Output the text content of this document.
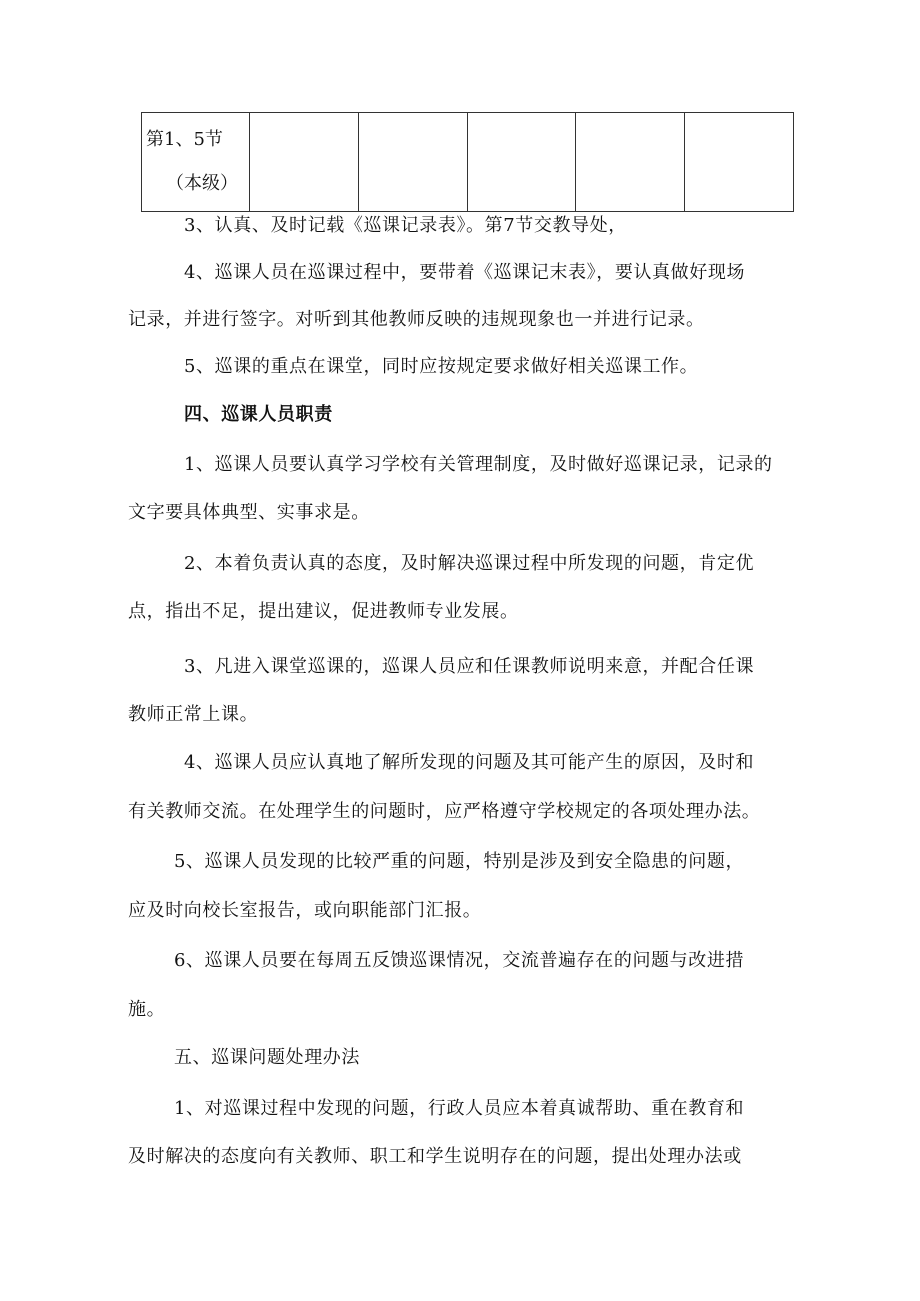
第1、5节
（本级）

3、认真、及时记载《巡课记录表》。第7节交教导处，
4、巡课人员在巡课过程中，要带着《巡课记末表》，要认真做好现场
记录，并进行签字。对听到其他教师反映的违规现象也一并进行记录。
5、巡课的重点在课堂，同时应按规定要求做好相关巡课工作。
四、巡课人员职责
1、巡课人员要认真学习学校有关管理制度，及时做好巡课记录，记录的
文字要具体典型、实事求是。
2、本着负责认真的态度，及时解决巡课过程中所发现的问题，肯定优
点，指出不足，提出建议，促进教师专业发展。
3、凡进入课堂巡课的，巡课人员应和任课教师说明来意，并配合任课
教师正常上课。
4、巡课人员应认真地了解所发现的问题及其可能产生的原因，及时和
有关教师交流。在处理学生的问题时，应严格遵守学校规定的各项处理办法。
5、巡课人员发现的比较严重的问题，特别是涉及到安全隐患的问题，
应及时向校长室报告，或向职能部门汇报。
6、巡课人员要在每周五反馈巡课情况，交流普遍存在的问题与改进措
施。
五、巡课问题处理办法
1、对巡课过程中发现的问题，行政人员应本着真诚帮助、重在教育和
及时解决的态度向有关教师、职工和学生说明存在的问题，提出处理办法或
